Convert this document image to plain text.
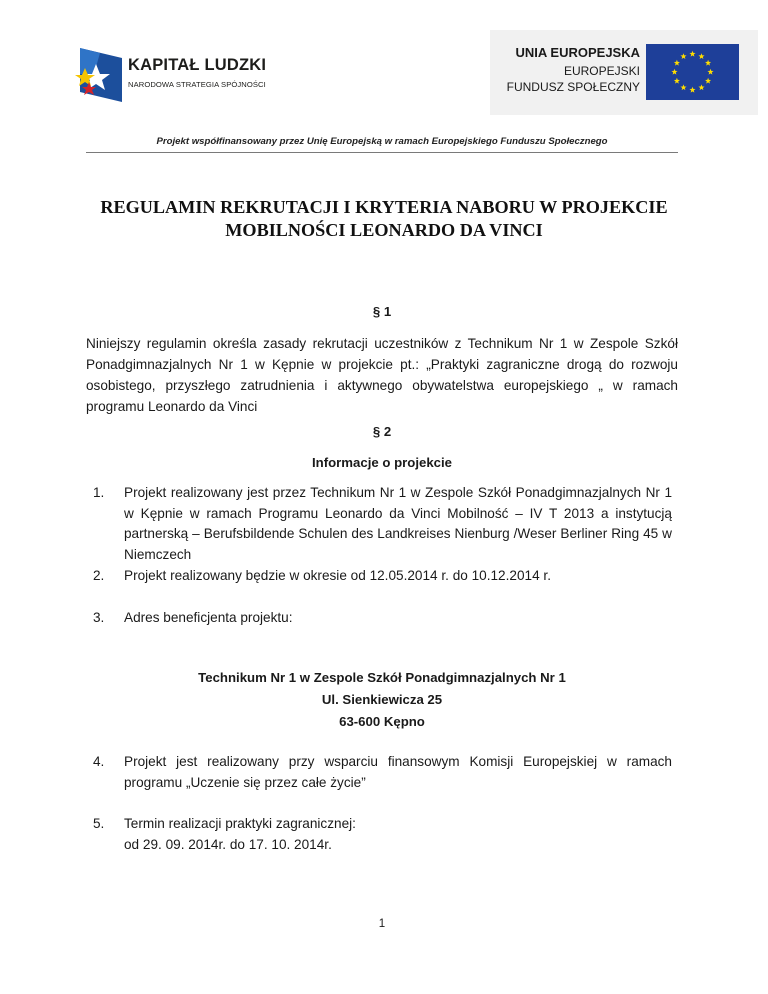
KAPITAŁ LUDZKI
NARODOWA STRATEGIA SPÓJNOŚCI
UNIA EUROPEJSKA
EUROPEJSKI
FUNDUSZ SPOŁECZNY
Projekt współfinansowany przez Unię Europejską w ramach Europejskiego Funduszu Społecznego
REGULAMIN REKRUTACJI I KRYTERIA NABORU W PROJEKCIE
MOBILNOŚCI LEONARDO DA VINCI
§ 1
Niniejszy regulamin określa zasady rekrutacji uczestników z Technikum Nr 1 w Zespole Szkół Ponadgimnazjalnych Nr 1 w Kępnie w projekcie pt.: „Praktyki zagraniczne drogą do rozwoju osobistego, przyszłego zatrudnienia i aktywnego obywatelstwa europejskiego „ w ramach programu Leonardo da Vinci
§ 2
Informacje o projekcie
1. Projekt realizowany jest przez Technikum Nr 1 w Zespole Szkół Ponadgimnazjalnych Nr 1 w Kępnie w ramach Programu Leonardo da Vinci Mobilność – IV T 2013 a instytucją partnerską – Berufsbildende Schulen des Landkreises Nienburg /Weser Berliner Ring 45 w Niemczech
2. Projekt realizowany będzie w okresie od 12.05.2014 r. do 10.12.2014 r.
3. Adres beneficjenta projektu:
Technikum Nr 1 w Zespole Szkół Ponadgimnazjalnych Nr 1
Ul. Sienkiewicza 25
63-600 Kępno
4. Projekt jest realizowany przy wsparciu finansowym Komisji Europejskiej w ramach programu „Uczenie się przez całe życie”
5. Termin realizacji praktyki zagranicznej:
od 29. 09. 2014r. do 17. 10. 2014r.
1
